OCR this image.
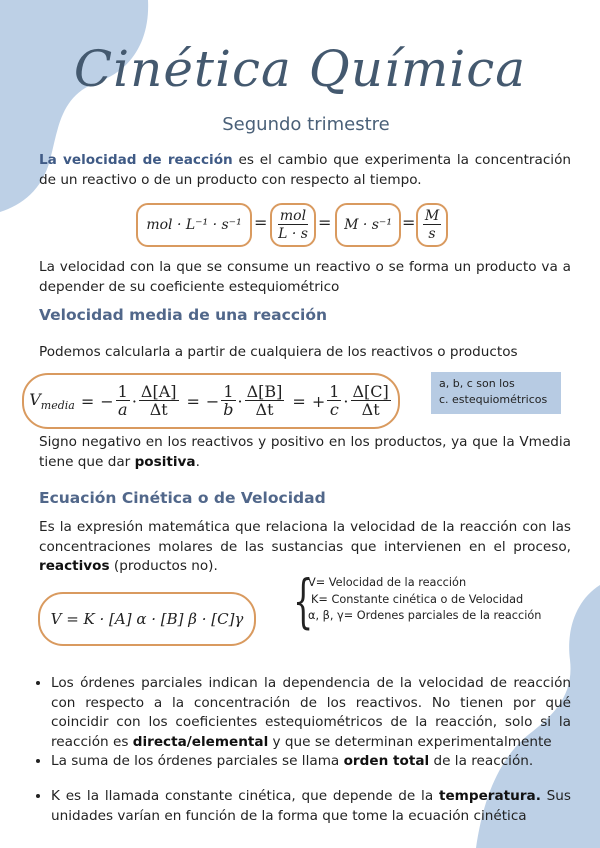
Cinética Química
Segundo trimestre
La velocidad de reacción es el cambio que experimenta la concentración de un reactivo o de un producto con respecto al tiempo.
mol · $L^{-1} \cdot s^{-1} = \frac{\text{mol}}{L \cdot s} = M \cdot s^{-1} = \frac{M}{s}$
La velocidad con la que se consume un reactivo o se forma un producto va a depender de su coeficiente estequiométrico
Velocidad media de una reacción
Podemos calcularla a partir de cualquiera de los reactivos o productos
$V_{media}$ = − $\frac{1}{a} \cdot \frac{\Delta[A]}{\Delta t}$ = − $\frac{1}{b} \cdot \frac{\Delta[B]}{\Delta t}$ = + $\frac{1}{c} \cdot \frac{\Delta[C]}{\Delta t}$
a, b, c son los
c. estequiométricos
Signo negativo en los reactivos y positivo en los productos, ya que la Vmedia tiene que dar positiva.
Ecuación Cinética o de Velocidad
Es la expresión matemática que relaciona la velocidad de la reacción con las concentraciones molares de las sustancias que intervienen en el proceso, reactivos (productos no).
V = K · [A] α · [B] β · [C]γ {
V= Velocidad de la reacción
K= Constante cinética o de Velocidad
α, β, γ= Ordenes parciales de la reacción
• Los órdenes parciales indican la dependencia de la velocidad de reacción con respecto a la concentración de los reactivos. No tienen por qué coincidir con los coeficientes estequiométricos de la reacción, solo si la reacción es directa/elemental y que se determinan experimentalmente
• La suma de los órdenes parciales se llama orden total de la reacción.
• K es la llamada constante cinética, que depende de la temperatura. Sus unidades varían en función de la forma que tome la ecuación cinética
